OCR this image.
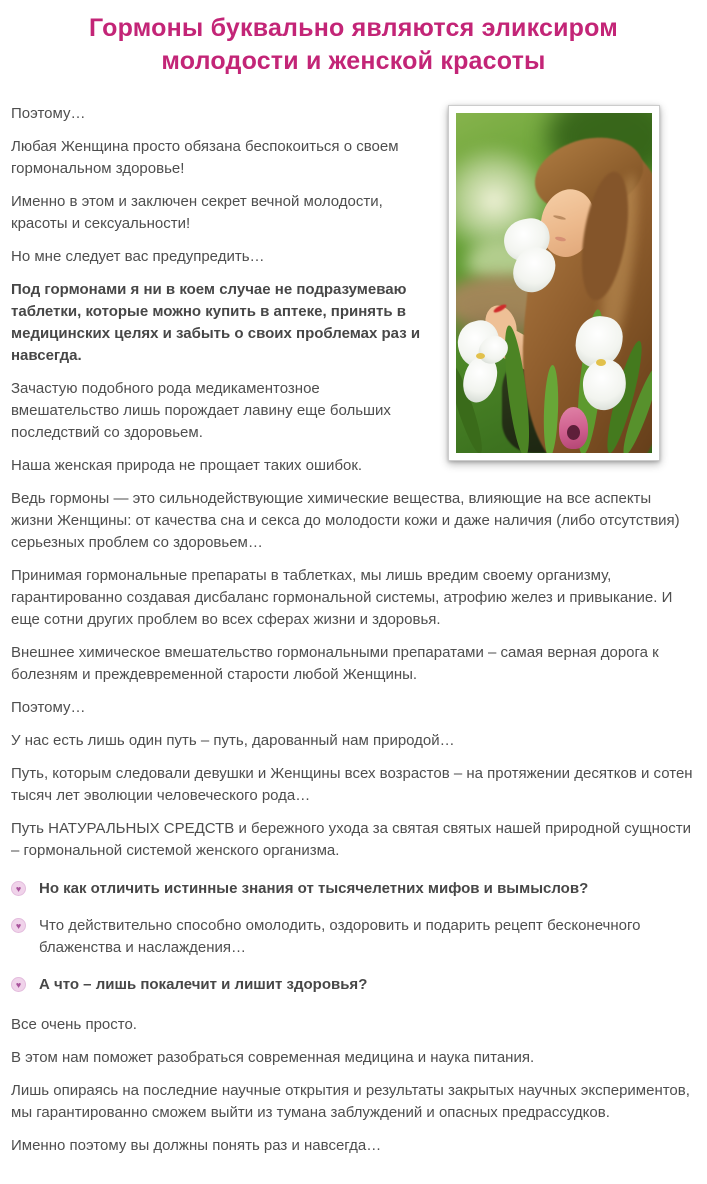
Гормоны буквально являются эликсиром молодости и женской красоты

Поэтому…

Любая Женщина просто обязана беспокоиться о своем гормональном здоровье!

Именно в этом и заключен секрет вечной молодости, красоты и сексуальности!

Но мне следует вас предупредить…

Под гормонами я ни в коем случае не подразумеваю таблетки, которые можно купить в аптеке, принять в медицинских целях и забыть о своих проблемах раз и навсегда.

Зачастую подобного рода медикаментозное вмешательство лишь порождает лавину еще больших последствий со здоровьем.

Наша женская природа не прощает таких ошибок.

Ведь гормоны — это сильнодействующие химические вещества, влияющие на все аспекты жизни Женщины: от качества сна и секса до молодости кожи и даже наличия (либо отсутствия) серьезных проблем со здоровьем…

Принимая гормональные препараты в таблетках, мы лишь вредим своему организму, гарантированно создавая дисбаланс гормональной системы, атрофию желез и привыкание. И еще сотни других проблем во всех сферах жизни и здоровья.

Внешнее химическое вмешательство гормональными препаратами – самая верная дорога к болезням и преждевременной старости любой Женщины.

Поэтому…

У нас есть лишь один путь – путь, дарованный нам природой…

Путь, которым следовали девушки и Женщины всех возрастов – на протяжении десятков и сотен тысяч лет эволюции человеческого рода…

Путь НАТУРАЛЬНЫХ СРЕДСТВ и бережного ухода за святая святых нашей природной сущности – гормональной системой женского организма.

♥	Но как отличить истинные знания от тысячелетних мифов и вымыслов?
♥	Что действительно способно омолодить, оздоровить и подарить рецепт бесконечного блаженства и наслаждения…
♥	А что – лишь покалечит и лишит здоровья?

Все очень просто.

В этом нам поможет разобраться современная медицина и наука питания.

Лишь опираясь на последние научные открытия и результаты закрытых научных экспериментов, мы гарантированно сможем выйти из тумана заблуждений и опасных предрассудков.

Именно поэтому вы должны понять раз и навсегда…
